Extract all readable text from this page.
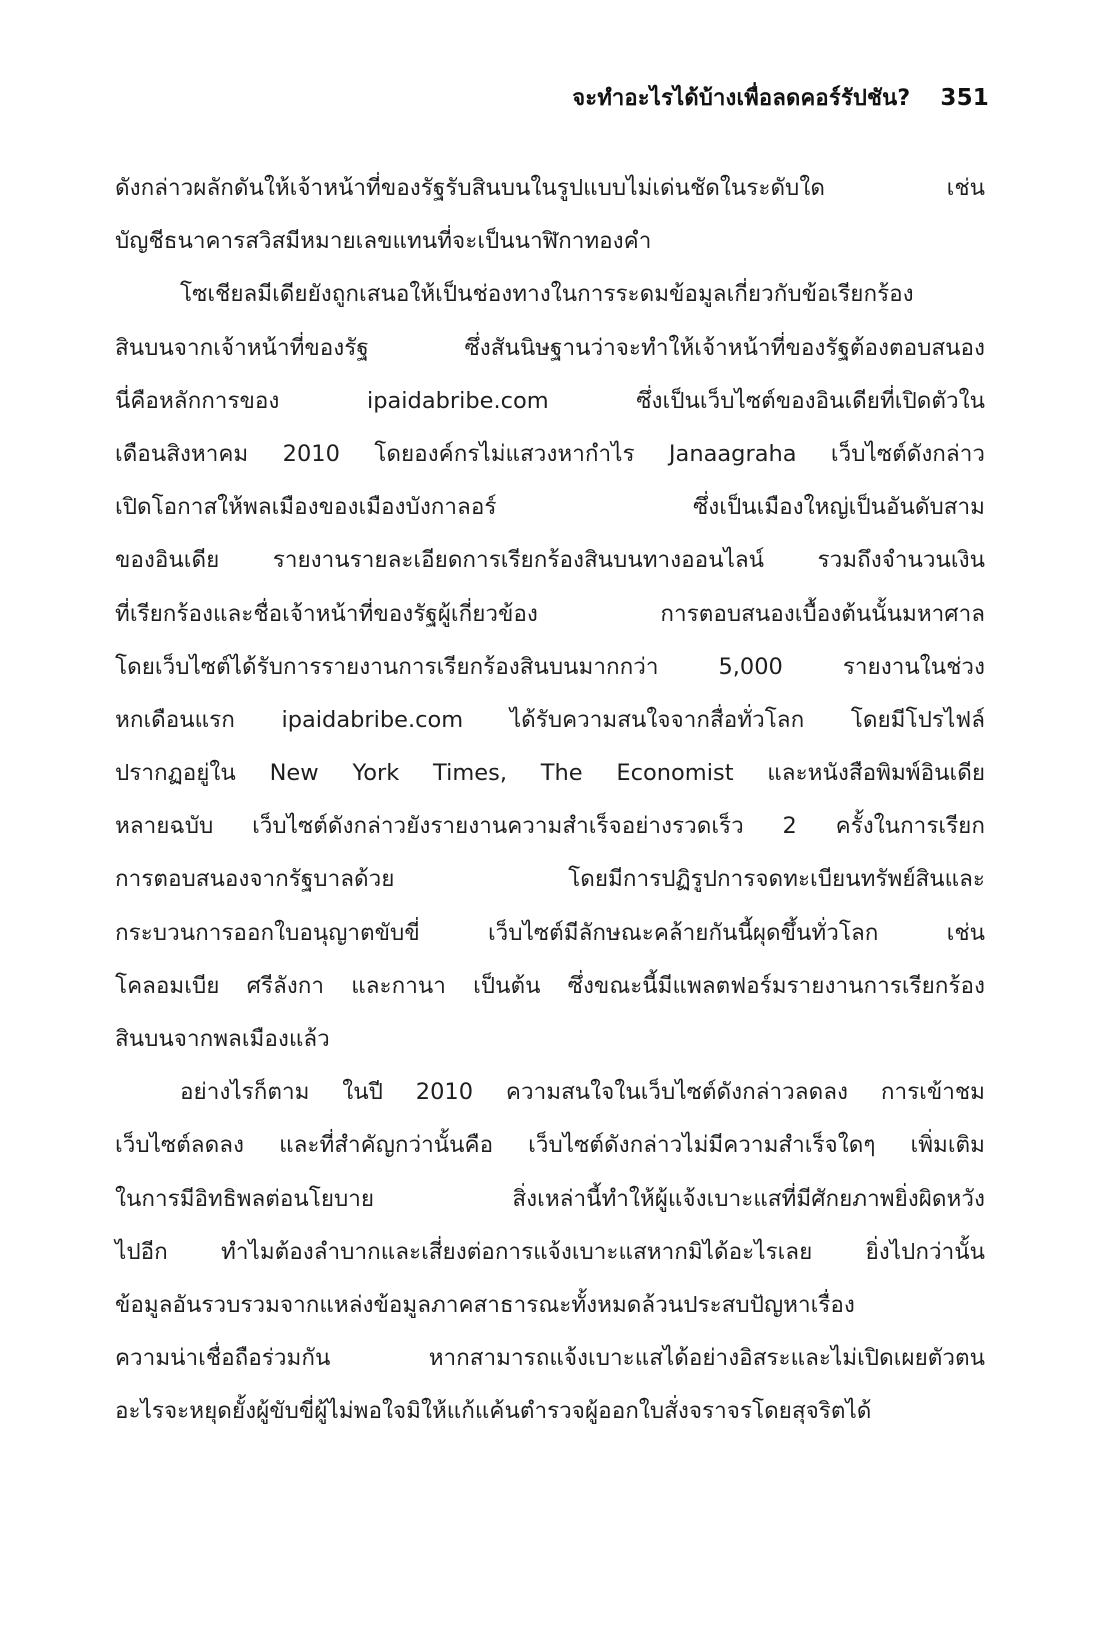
จะทำอะไรได้บ้างเพื่อลดคอร์รัปชัน? 351
ดังกล่าวผลักดันให้เจ้าหน้าที่ของรัฐรับสินบนในรูปแบบไม่เด่นชัดในระดับใด เช่น
บัญชีธนาคารสวิสมีหมายเลขแทนที่จะเป็นนาฬิกาทองคำ
โซเชียลมีเดียยังถูกเสนอให้เป็นช่องทางในการระดมข้อมูลเกี่ยวกับข้อเรียกร้อง
สินบนจากเจ้าหน้าที่ของรัฐ ซึ่งสันนิษฐานว่าจะทำให้เจ้าหน้าที่ของรัฐต้องตอบสนอง
นี่คือหลักการของ ipaidabribe.com ซึ่งเป็นเว็บไซต์ของอินเดียที่เปิดตัวใน
เดือนสิงหาคม 2010 โดยองค์กรไม่แสวงหากำไร Janaagraha เว็บไซต์ดังกล่าว
เปิดโอกาสให้พลเมืองของเมืองบังกาลอร์ ซึ่งเป็นเมืองใหญ่เป็นอันดับสาม
ของอินเดีย รายงานรายละเอียดการเรียกร้องสินบนทางออนไลน์ รวมถึงจำนวนเงิน
ที่เรียกร้องและชื่อเจ้าหน้าที่ของรัฐผู้เกี่ยวข้อง การตอบสนองเบื้องต้นนั้นมหาศาล
โดยเว็บไซต์ได้รับการรายงานการเรียกร้องสินบนมากกว่า 5,000 รายงานในช่วง
หกเดือนแรก ipaidabribe.com ได้รับความสนใจจากสื่อทั่วโลก โดยมีโปรไฟล์
ปรากฏอยู่ใน New York Times, The Economist และหนังสือพิมพ์อินเดีย
หลายฉบับ เว็บไซต์ดังกล่าวยังรายงานความสำเร็จอย่างรวดเร็ว 2 ครั้งในการเรียก
การตอบสนองจากรัฐบาลด้วย โดยมีการปฏิรูปการจดทะเบียนทรัพย์สินและ
กระบวนการออกใบอนุญาตขับขี่ เว็บไซต์มีลักษณะคล้ายกันนี้ผุดขึ้นทั่วโลก เช่น
โคลอมเบีย ศรีลังกา และกานา เป็นต้น ซึ่งขณะนี้มีแพลตฟอร์มรายงานการเรียกร้อง
สินบนจากพลเมืองแล้ว
อย่างไรก็ตาม ในปี 2010 ความสนใจในเว็บไซต์ดังกล่าวลดลง การเข้าชม
เว็บไซต์ลดลง และที่สำคัญกว่านั้นคือ เว็บไซต์ดังกล่าวไม่มีความสำเร็จใดๆ เพิ่มเติม
ในการมีอิทธิพลต่อนโยบาย สิ่งเหล่านี้ทำให้ผู้แจ้งเบาะแสที่มีศักยภาพยิ่งผิดหวัง
ไปอีก ทำไมต้องลำบากและเสี่ยงต่อการแจ้งเบาะแสหากมิได้อะไรเลย ยิ่งไปกว่านั้น
ข้อมูลอันรวบรวมจากแหล่งข้อมูลภาคสาธารณะทั้งหมดล้วนประสบปัญหาเรื่อง
ความน่าเชื่อถือร่วมกัน หากสามารถแจ้งเบาะแสได้อย่างอิสระและไม่เปิดเผยตัวตน
อะไรจะหยุดยั้งผู้ขับขี่ผู้ไม่พอใจมิให้แก้แค้นตำรวจผู้ออกใบสั่งจราจรโดยสุจริตได้
